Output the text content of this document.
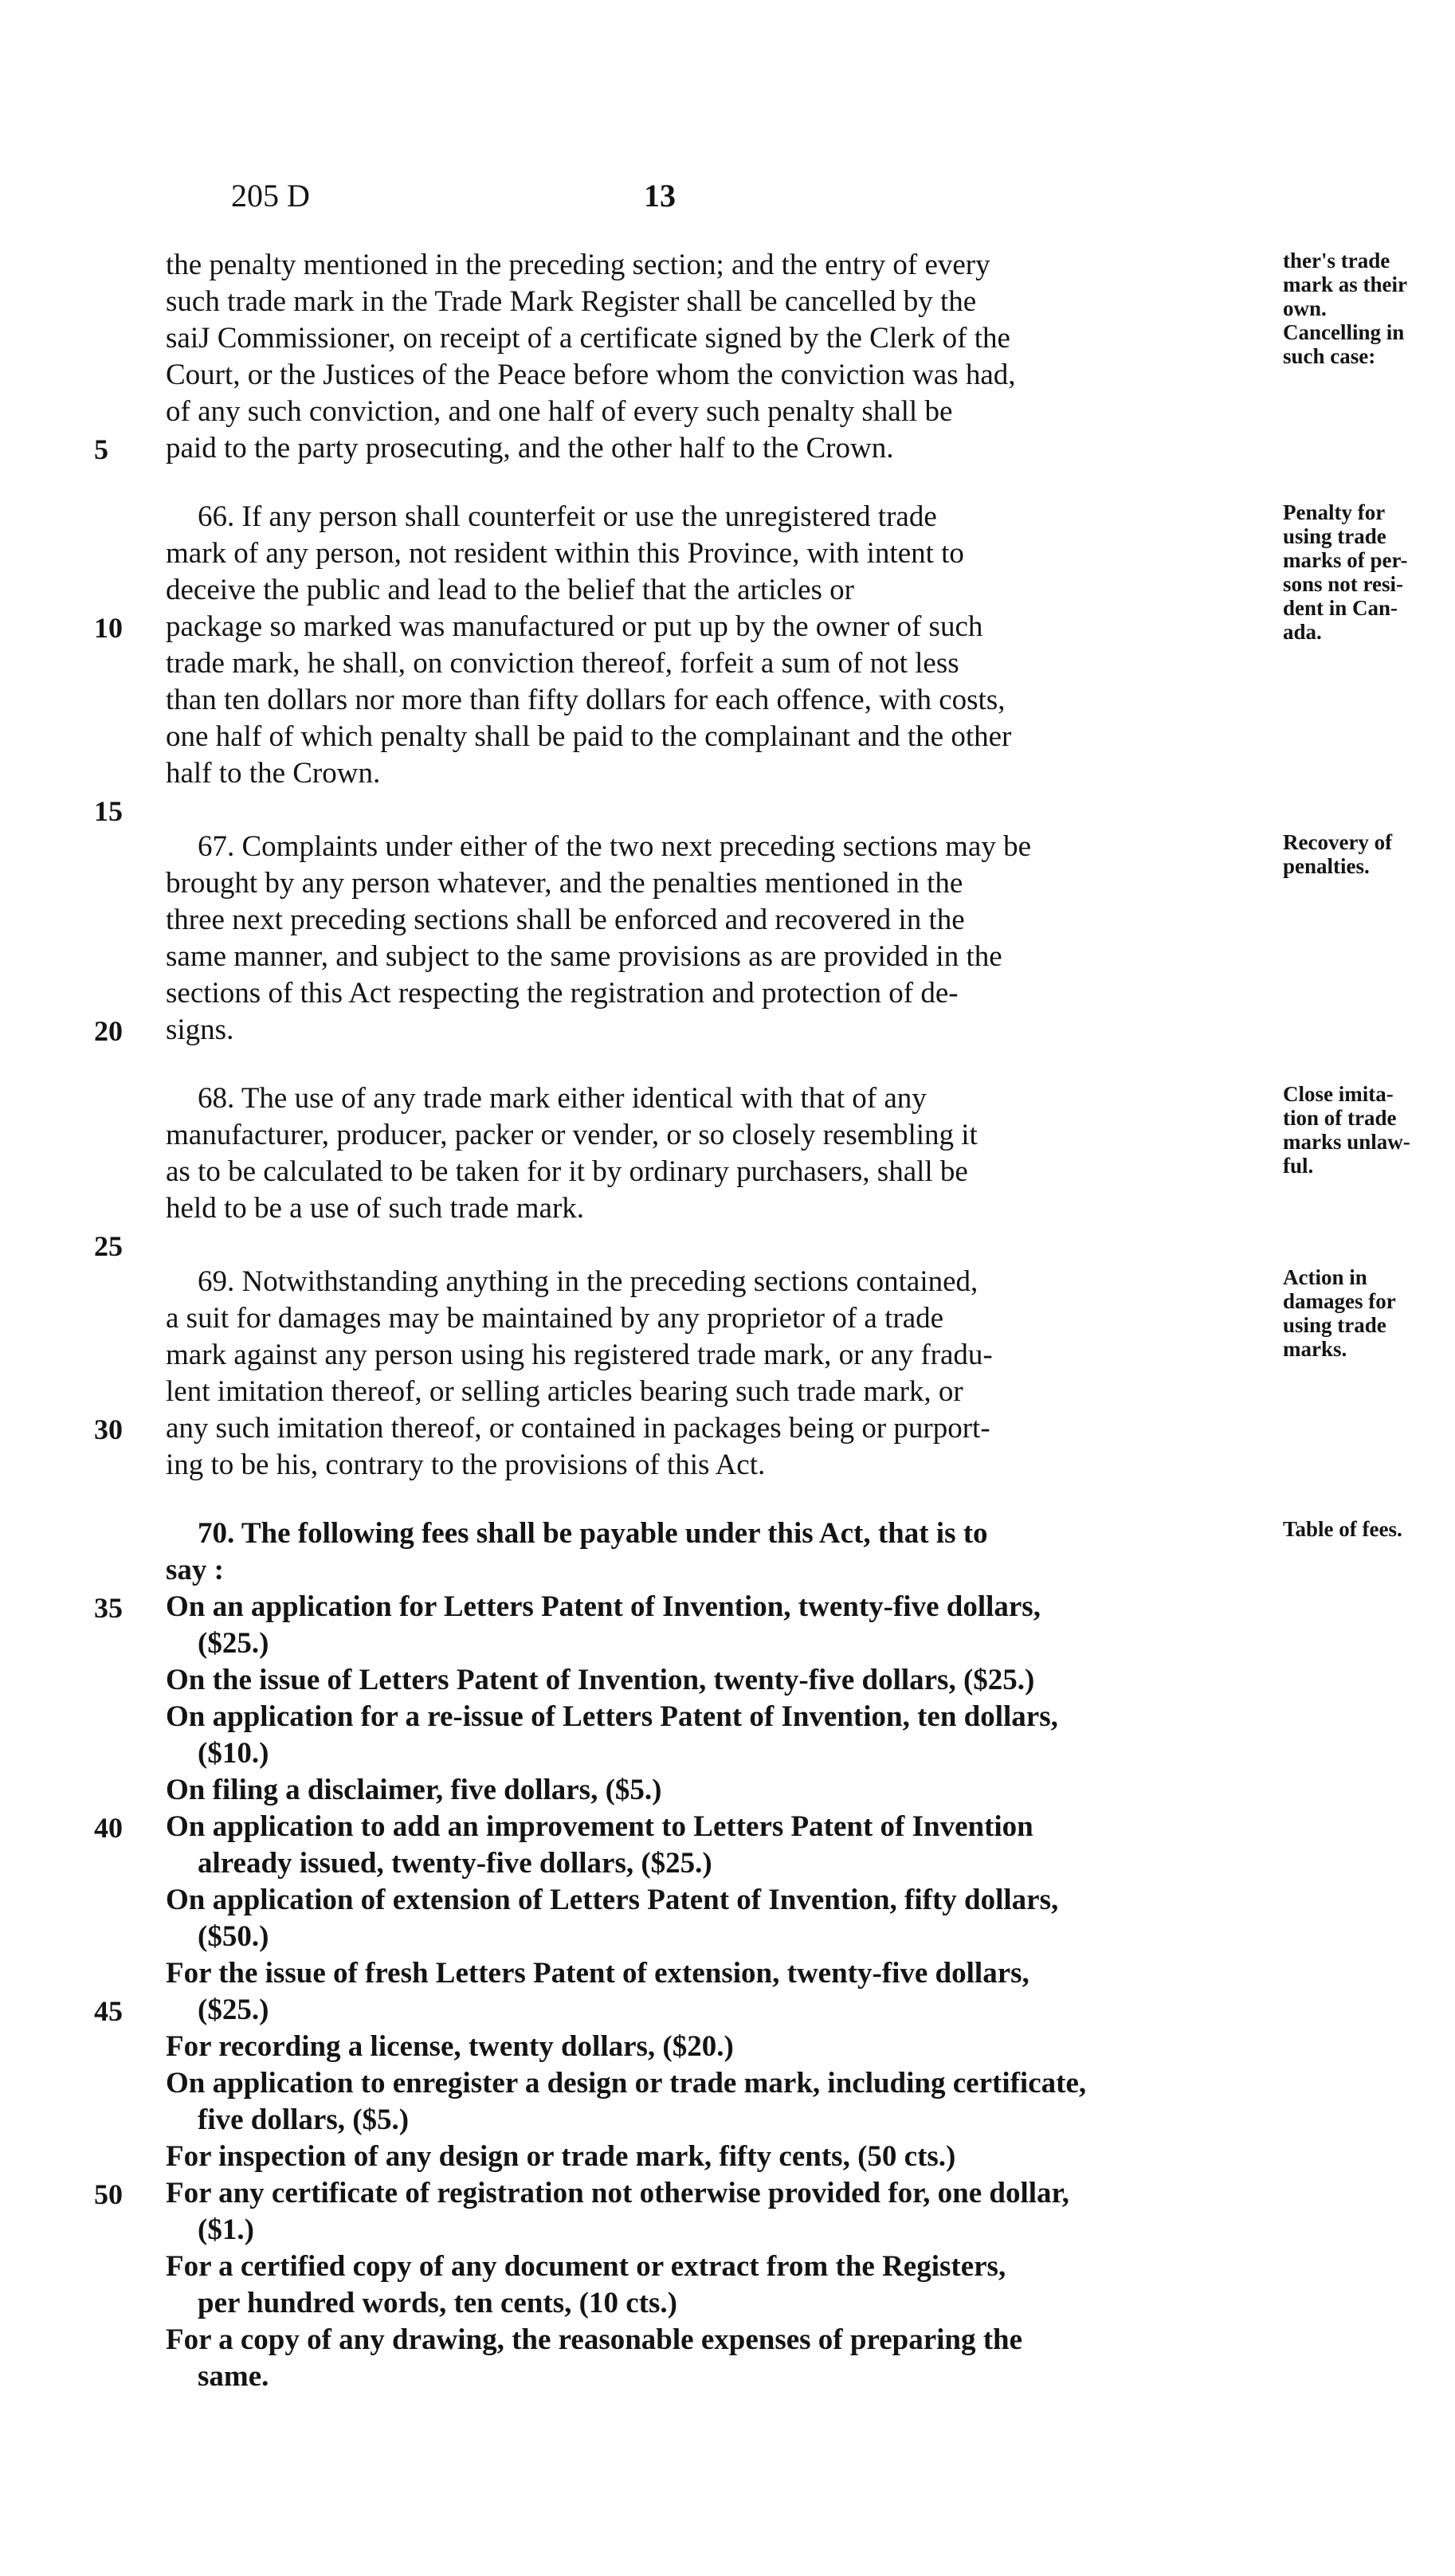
205 D	13
ther's trade
mark as their
own.
Cancelling in
such case:
the penalty mentioned in the preceding section; and the entry of every
such trade mark in the Trade Mark Register shall be cancelled by the
saiJ Commissioner, on receipt of a certificate signed by the Clerk of the
Court, or the Justices of the Peace before whom the conviction was had,
of any such conviction, and one half of every such penalty shall be
5	paid to the party prosecuting, and the other half to the Crown.
Penalty for
using trade
marks of per-
sons not resi-
dent in Can-
ada.
66. If any person shall counterfeit or use the unregistered trade
mark of any person, not resident within this Province, with intent to
deceive the public and lead to the belief that the articles or
10	package so marked was manufactured or put up by the owner of such
trade mark, he shall, on conviction thereof, forfeit a sum of not less
than ten dollars nor more than fifty dollars for each offence, with costs,
one half of which penalty shall be paid to the complainant and the other
half to the Crown.
15
Recovery of
penalties.
67. Complaints under either of the two next preceding sections may be
brought by any person whatever, and the penalties mentioned in the
three next preceding sections shall be enforced and recovered in the
same manner, and subject to the same provisions as are provided in the
sections of this Act respecting the registration and protection of de-
20	signs.
Close imita-
tion of trade
marks unlaw-
ful.
68. The use of any trade mark either identical with that of any
manufacturer, producer, packer or vender, or so closely resembling it
as to be calculated to be taken for it by ordinary purchasers, shall be
held to be a use of such trade mark.
25
Action in
damages for
using trade
marks.
69. Notwithstanding anything in the preceding sections contained,
a suit for damages may be maintained by any proprietor of a trade
mark against any person using his registered trade mark, or any fradu-
lent imitation thereof, or selling articles bearing such trade mark, or
30	any such imitation thereof, or contained in packages being or purport-
ing to be his, contrary to the provisions of this Act.
Table of fees.
70. The following fees shall be payable under this Act, that is to
say :
35	On an application for Letters Patent of Invention, twenty-five dollars,
($25.)
On the issue of Letters Patent of Invention, twenty-five dollars, ($25.)
On application for a re-issue of Letters Patent of Invention, ten dollars,
($10.)
On filing a disclaimer, five dollars, ($5.)
40	On application to add an improvement to Letters Patent of Invention
already issued, twenty-five dollars, ($25.)
On application of extension of Letters Patent of Invention, fifty dollars,
($50.)
For the issue of fresh Letters Patent of extension, twenty-five dollars,
45	($25.)
For recording a license, twenty dollars, ($20.)
On application to enregister a design or trade mark, including certificate,
five dollars, ($5.)
For inspection of any design or trade mark, fifty cents, (50 cts.)
50	For any certificate of registration not otherwise provided for, one dollar,
($1.)
For a certified copy of any document or extract from the Registers,
per hundred words, ten cents, (10 cts.)
For a copy of any drawing, the reasonable expenses of preparing the
same.
